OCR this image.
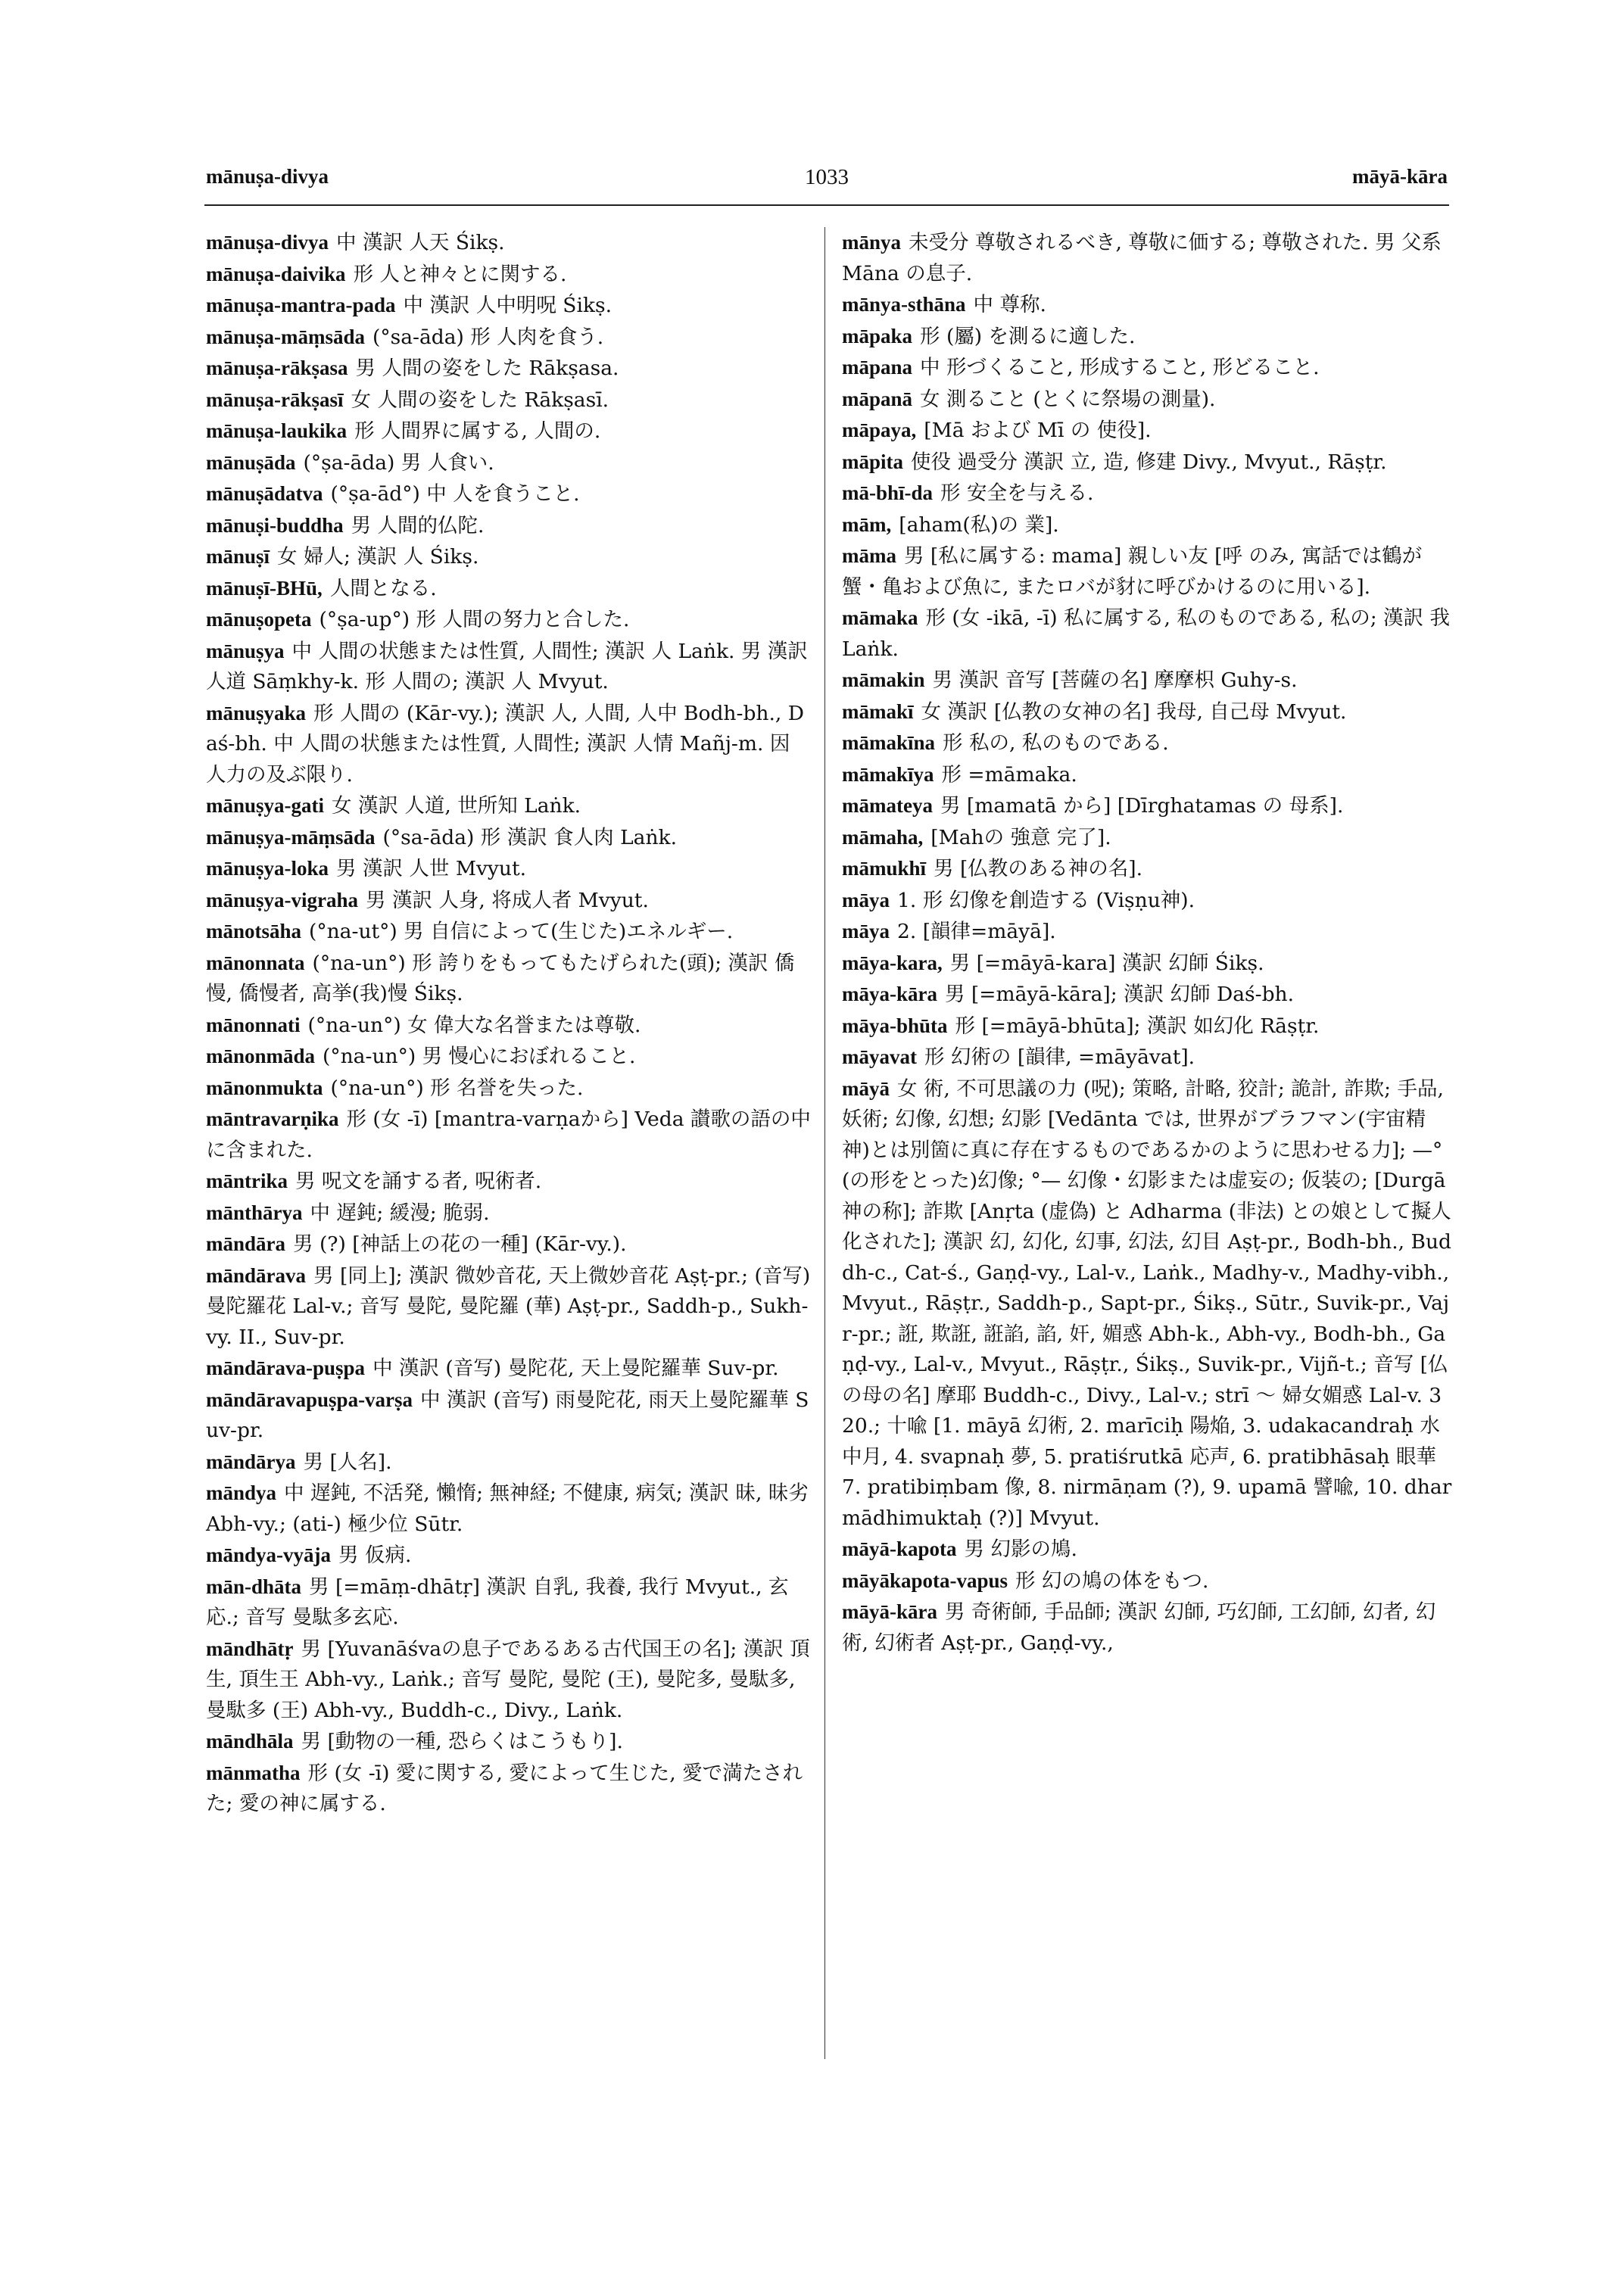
mānuṣa-divya	1033	māyā-kāra
mānuṣa-divya 中 漢訳 人天 Śikṣ.
mānuṣa-daivika 形 人と神々とに関する.
mānuṣa-mantra-pada 中 漢訳 人中明呪 Śikṣ.
mānuṣa-māṃsāda (°sa-āda) 形 人肉を食う.
mānuṣa-rākṣasa 男 人間の姿をした Rākṣasa.
mānuṣa-rākṣasī 女 人間の姿をした Rākṣasī.
mānuṣa-laukika 形 人間界に属する, 人間の.
mānuṣāda (°ṣa-āda) 男 人食い.
mānuṣādatva (°ṣa-ād°) 中 人を食うこと.
mānuṣi-buddha 男 人間的仏陀.
mānuṣī 女 婦人; 漢訳 人 Śikṣ.
mānuṣī-BHū, 人間となる.
mānuṣopeta (°ṣa-up°) 形 人間の努力と合した.
mānuṣya 中 人間の状態または性質, 人間性; 漢訳 人 Laṅk. 男 漢訳 人道 Sāṃkhy-k. 形 人間の; 漢訳 人 Mvyut.
mānuṣyaka 形 人間の (Kār-vy.); 漢訳 人, 人間, 人中 Bodh-bh., Daś-bh. 中 人間の状態または性質, 人間性; 漢訳 人情 Mañj-m. 因 人力の及ぶ限り.
mānuṣya-gati 女 漢訳 人道, 世所知 Laṅk.
mānuṣya-māṃsāda (°sa-āda) 形 漢訳 食人肉 Laṅk.
mānuṣya-loka 男 漢訳 人世 Mvyut.
mānuṣya-vigraha 男 漢訳 人身, 将成人者 Mvyut.
mānotsāha (°na-ut°) 男 自信によって(生じた)エネルギー.
mānonnata (°na-un°) 形 誇りをもってもたげられた(頭); 漢訳 僑慢, 僑慢者, 高挙(我)慢 Śikṣ.
mānonnati (°na-un°) 女 偉大な名誉または尊敬.
mānonmāda (°na-un°) 男 慢心におぼれること.
mānonmukta (°na-un°) 形 名誉を失った.
māntravarṇika 形 (女 -ī) [mantra-varṇaから] Veda 讃歌の語の中に含まれた.
māntrika 男 呪文を誦する者, 呪術者.
mānthārya 中 遅鈍; 緩漫; 脆弱.
māndāra 男 (?) [神話上の花の一種] (Kār-vy.).
māndārava 男 [同上]; 漢訳 微妙音花, 天上微妙音花 Aṣṭ-pr.; (音写) 曼陀羅花 Lal-v.; 音写 曼陀, 曼陀羅 (華) Aṣṭ-pr., Saddh-p., Sukh-vy. II., Suv-pr.
māndārava-puṣpa 中 漢訳 (音写) 曼陀花, 天上曼陀羅華 Suv-pr.
māndāravapuṣpa-varṣa 中 漢訳 (音写) 雨曼陀花, 雨天上曼陀羅華 Suv-pr.
māndārya 男 [人名].
māndya 中 遅鈍, 不活発, 懶惰; 無神経; 不健康, 病気; 漢訳 昧, 昧劣 Abh-vy.; (ati-) 極少位 Sūtr.
māndya-vyāja 男 仮病.
mān-dhāta 男 [=māṃ-dhātṛ] 漢訳 自乳, 我養, 我行 Mvyut., 玄応.; 音写 曼駄多玄応.
māndhātṛ 男 [Yuvanāśvaの息子であるある古代国王の名]; 漢訳 頂生, 頂生王 Abh-vy., Laṅk.; 音写 曼陀, 曼陀 (王), 曼陀多, 曼駄多, 曼駄多 (王) Abh-vy., Buddh-c., Divy., Laṅk.
māndhāla 男 [動物の一種, 恐らくはこうもり].
mānmatha 形 (女 -ī) 愛に関する, 愛によって生じた, 愛で満たされた; 愛の神に属する.
mānya 未受分 尊敬されるべき, 尊敬に価する; 尊敬された. 男 父系 Māna の息子.
mānya-sthāna 中 尊称.
māpaka 形 (屬) を測るに適した.
māpana 中 形づくること, 形成すること, 形どること.
māpanā 女 測ること (とくに祭場の測量).
māpaya, [Mā および Mī の 使役].
māpita 使役 過受分 漢訳 立, 造, 修建 Divy., Mvyut., Rāṣṭr.
mā-bhī-da 形 安全を与える.
mām, [aham(私)の 業].
māma 男 [私に属する: mama] 親しい友 [呼 のみ, 寓話では鶴が蟹・亀および魚に, またロバが豺に呼びかけるのに用いる].
māmaka 形 (女 -ikā, -ī) 私に属する, 私のものである, 私の; 漢訳 我 Laṅk.
māmakin 男 漢訳 音写 [菩薩の名] 摩摩枳 Guhy-s.
māmakī 女 漢訳 [仏教の女神の名] 我母, 自己母 Mvyut.
māmakīna 形 私の, 私のものである.
māmakīya 形 =māmaka.
māmateya 男 [mamatā から] [Dīrghatamas の 母系].
māmaha, [Mahの 強意 完了].
māmukhī 男 [仏教のある神の名].
māya 1. 形 幻像を創造する (Viṣṇu神).
māya 2. [韻律=māyā].
māya-kara, 男 [=māyā-kara] 漢訳 幻師 Śikṣ.
māya-kāra 男 [=māyā-kāra]; 漢訳 幻師 Daś-bh.
māya-bhūta 形 [=māyā-bhūta]; 漢訳 如幻化 Rāṣṭr.
māyavat 形 幻術の [韻律, =māyāvat].
māyā 女 術, 不可思議の力 (呪); 策略, 計略, 狡計; 詭計, 詐欺; 手品, 妖術; 幻像, 幻想; 幻影 [Vedānta では, 世界がブラフマン(宇宙精神)とは別箇に真に存在するものであるかのように思わせる力]; —° (の形をとった)幻像; °— 幻像・幻影または虚妄の; 仮装の; [Durgā 神の称]; 詐欺 [Anṛta (虚偽) と Adharma (非法) との娘として擬人化された]; 漢訳 幻, 幻化, 幻事, 幻法, 幻目 Aṣṭ-pr., Bodh-bh., Buddh-c., Cat-ś., Gaṇḍ-vy., Lal-v., Laṅk., Madhy-v., Madhy-vibh., Mvyut., Rāṣṭr., Saddh-p., Sapt-pr., Śikṣ., Sūtr., Suvik-pr., Vajr-pr.; 誑, 欺誑, 誑諂, 諂, 奸, 媚惑 Abh-k., Abh-vy., Bodh-bh., Gaṇḍ-vy., Lal-v., Mvyut., Rāṣṭr., Śikṣ., Suvik-pr., Vijñ-t.; 音写 [仏の母の名] 摩耶 Buddh-c., Divy., Lal-v.; strī ～ 婦女媚惑 Lal-v. 320.; 十喩 [1. māyā 幻術, 2. marīciḥ 陽焔, 3. udakacandraḥ 水中月, 4. svapnaḥ 夢, 5. pratiśrutkā 応声, 6. pratibhāsaḥ 眼華 7. pratibiṃbam 像, 8. nirmāṇam (?), 9. upamā 譬喩, 10. dharmādhimuktaḥ (?)] Mvyut.
māyā-kapota 男 幻影の鳩.
māyākapota-vapus 形 幻の鳩の体をもつ.
māyā-kāra 男 奇術師, 手品師; 漢訳 幻師, 巧幻師, 工幻師, 幻者, 幻術, 幻術者 Aṣṭ-pr., Gaṇḍ-vy.,
